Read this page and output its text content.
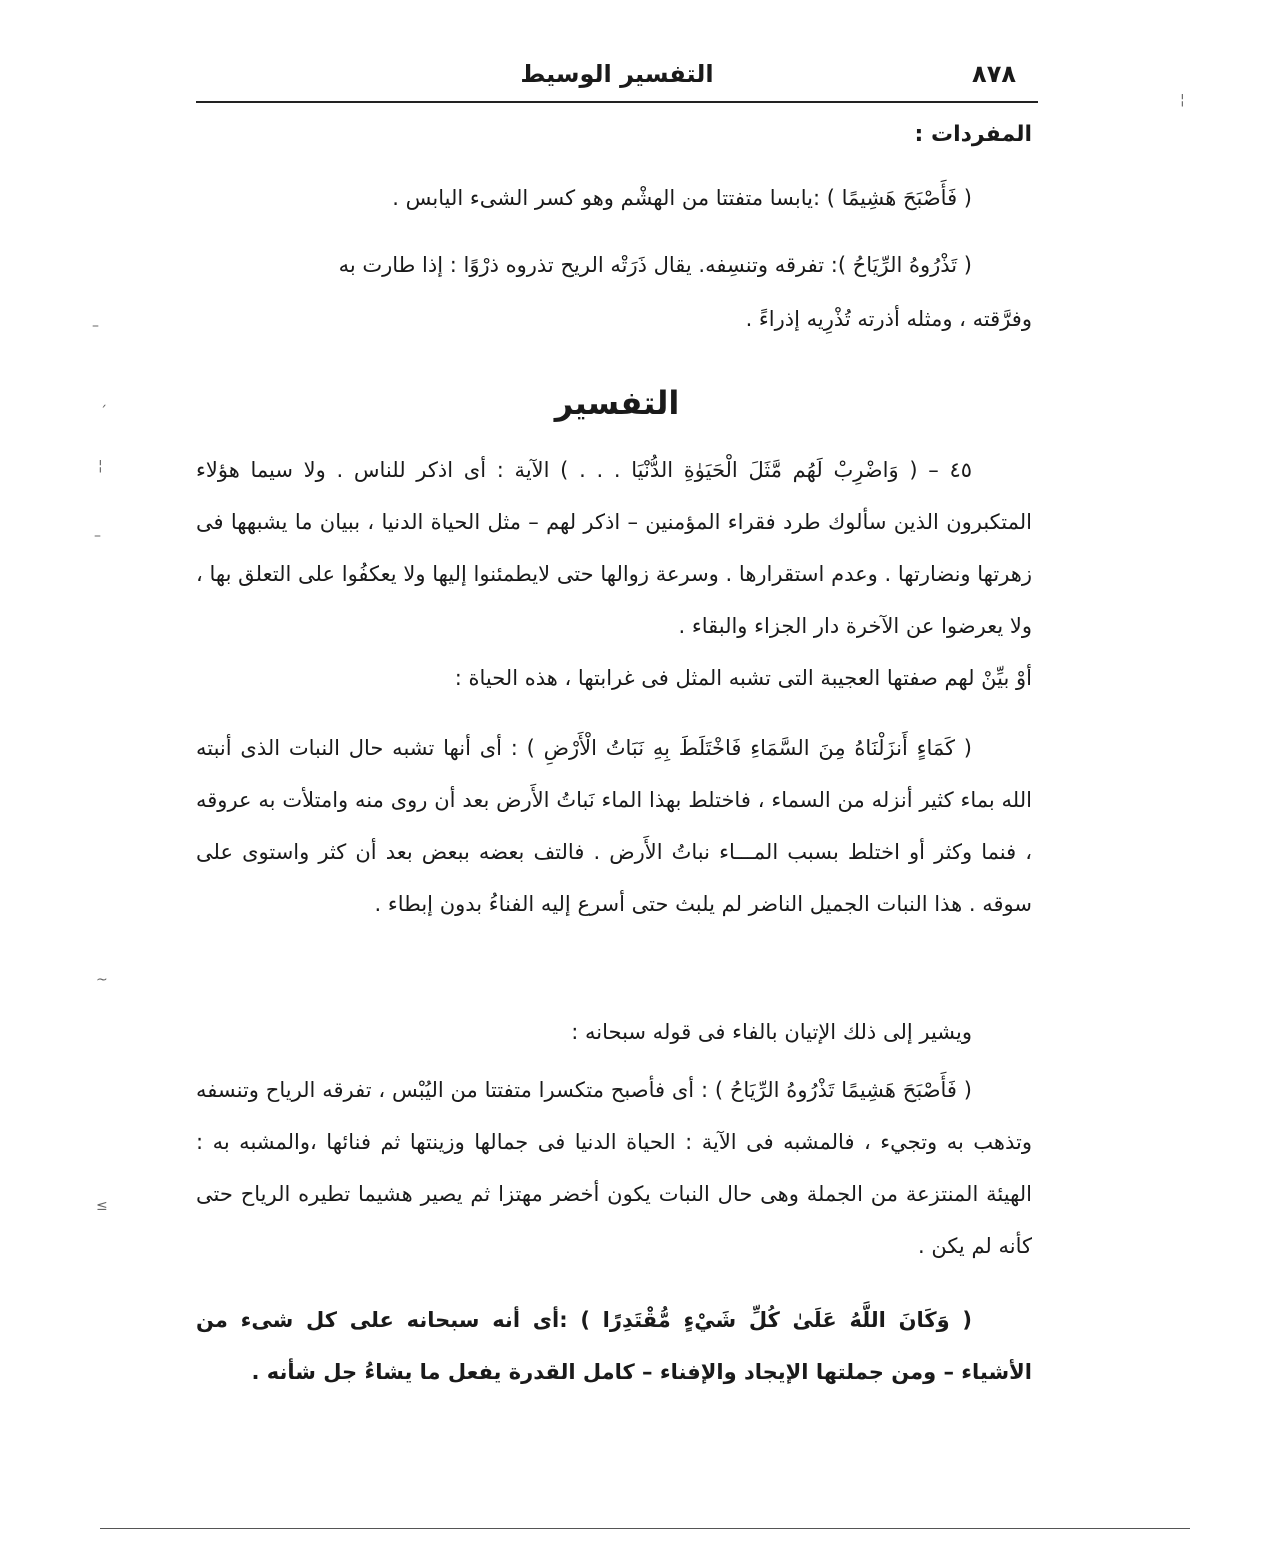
٨٧٨
التفسير الوسيط
المفردات :
( فَأَصْبَحَ هَشِيمًا ) :يابسا متفتتا من الهشْم وهو كسر الشىء اليابس .
( تَذْرُوهُ الرِّيَاحُ ): تفرقه وتنسِفه. يقال ذَرَتْه الريح تذروه ذرْوًا : إذا طارت به
وفرَّقته ، ومثله أذرته تُذْرِيه إذراءً .
التفسير
٤٥ – ( وَاضْرِبْ لَهُم مَّثَلَ الْحَيَوٰةِ الدُّنْيَا . . . ) الآية : أى اذكر للناس . ولا سيما هؤلاء المتكبرون الذين سألوك طرد فقراء المؤمنين – اذكر لهم – مثل الحياة الدنيا ، ببيان ما يشبهها فى زهرتها ونضارتها . وعدم استقرارها . وسرعة زوالها حتى لايطمئنوا إليها ولا يعكفُوا على التعلق بها ، ولا يعرضوا عن الآخرة دار الجزاء والبقاء .
أوْ بيِّنْ لهم صفتها العجيبة التى تشبه المثل فى غرابتها ، هذه الحياة :
( كَمَاءٍ أَنزَلْنَاهُ مِنَ السَّمَاءِ فَاخْتَلَطَ بِهِ نَبَاتُ الْأَرْضِ ) : أى أنها تشبه حال النبات الذى أنبته الله بماء كثير أنزله من السماء ، فاختلط بهذا الماء نَباتُ الأَرض بعد أن روى منه وامتلأت به عروقه ، فنما وكثر أو اختلط بسبب المـــاء نباتُ الأَرض . فالتف بعضه ببعض بعد أن كثر واستوى على سوقه . هذا النبات الجميل الناضر لم يلبث حتى أسرع إليه الفناءُ بدون إبطاء .
ويشير إلى ذلك الإتيان بالفاء فى قوله سبحانه :
( فَأَصْبَحَ هَشِيمًا تَذْرُوهُ الرِّيَاحُ ) : أى فأصبح متكسرا متفتتا من اليُبْس ، تفرقه الرياح وتنسفه وتذهب به وتجيء ، فالمشبه فى الآية : الحياة الدنيا فى جمالها وزينتها ثم فنائها ،والمشبه به : الهيئة المنتزعة من الجملة وهى حال النبات يكون أخضر مهتزا ثم يصير هشيما تطيره الرياح حتى كأنه لم يكن .
( وَكَانَ اللَّهُ عَلَىٰ كُلِّ شَيْءٍ مُّقْتَدِرًا ) :أى أنه سبحانه على كل شىء من الأشياء – ومن جملتها الإيجاد والإفناء – كامل القدرة يفعل ما يشاءُ جل شأنه .
–
ˏ
¦
–
~
≤
¦
